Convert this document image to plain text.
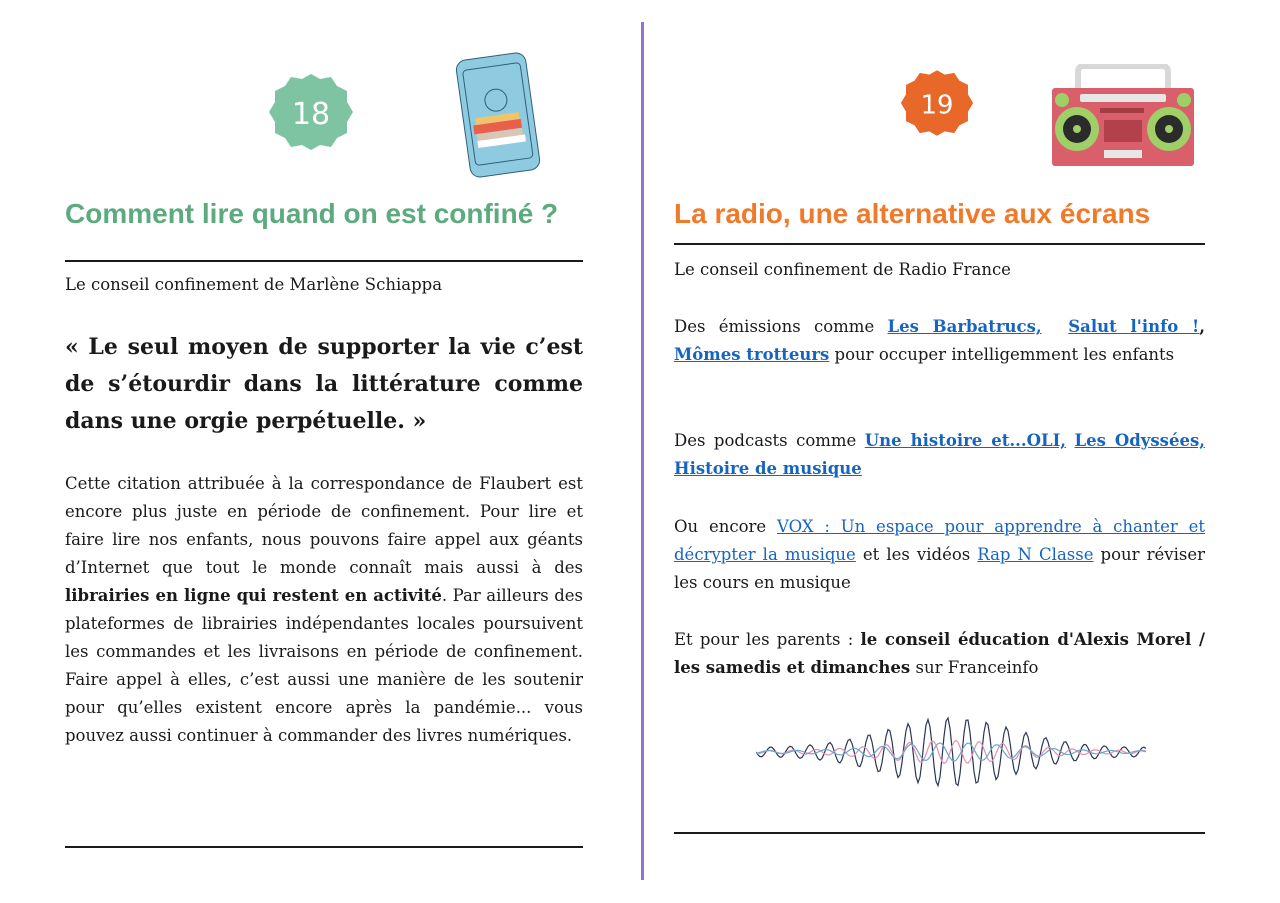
18
Comment lire quand on est confiné ?

Le conseil confinement de Marlène Schiappa

« Le seul moyen de supporter la vie c’est de s’étourdir dans la littérature comme dans une orgie perpétuelle. »

Cette citation attribuée à la correspondance de Flaubert est encore plus juste en période de confinement. Pour lire et faire lire nos enfants, nous pouvons faire appel aux géants d’Internet que tout le monde connaît mais aussi à des librairies en ligne qui restent en activité. Par ailleurs des plateformes de librairies indépendantes locales poursuivent les commandes et les livraisons en période de confinement. Faire appel à elles, c’est aussi une manière de les soutenir pour qu’elles existent encore après la pandémie... vous pouvez aussi continuer à commander des livres numériques.

19
La radio, une alternative aux écrans

Le conseil confinement de Radio France

Des émissions comme Les Barbatrucs, Salut l'info !, Mômes trotteurs pour occuper intelligemment les enfants

Des podcasts comme Une histoire et...OLI, Les Odyssées, Histoire de musique

Ou encore VOX : Un espace pour apprendre à chanter et décrypter la musique et les vidéos Rap N Classe pour réviser les cours en musique

Et pour les parents : le conseil éducation d'Alexis Morel / les samedis et dimanches sur Franceinfo
